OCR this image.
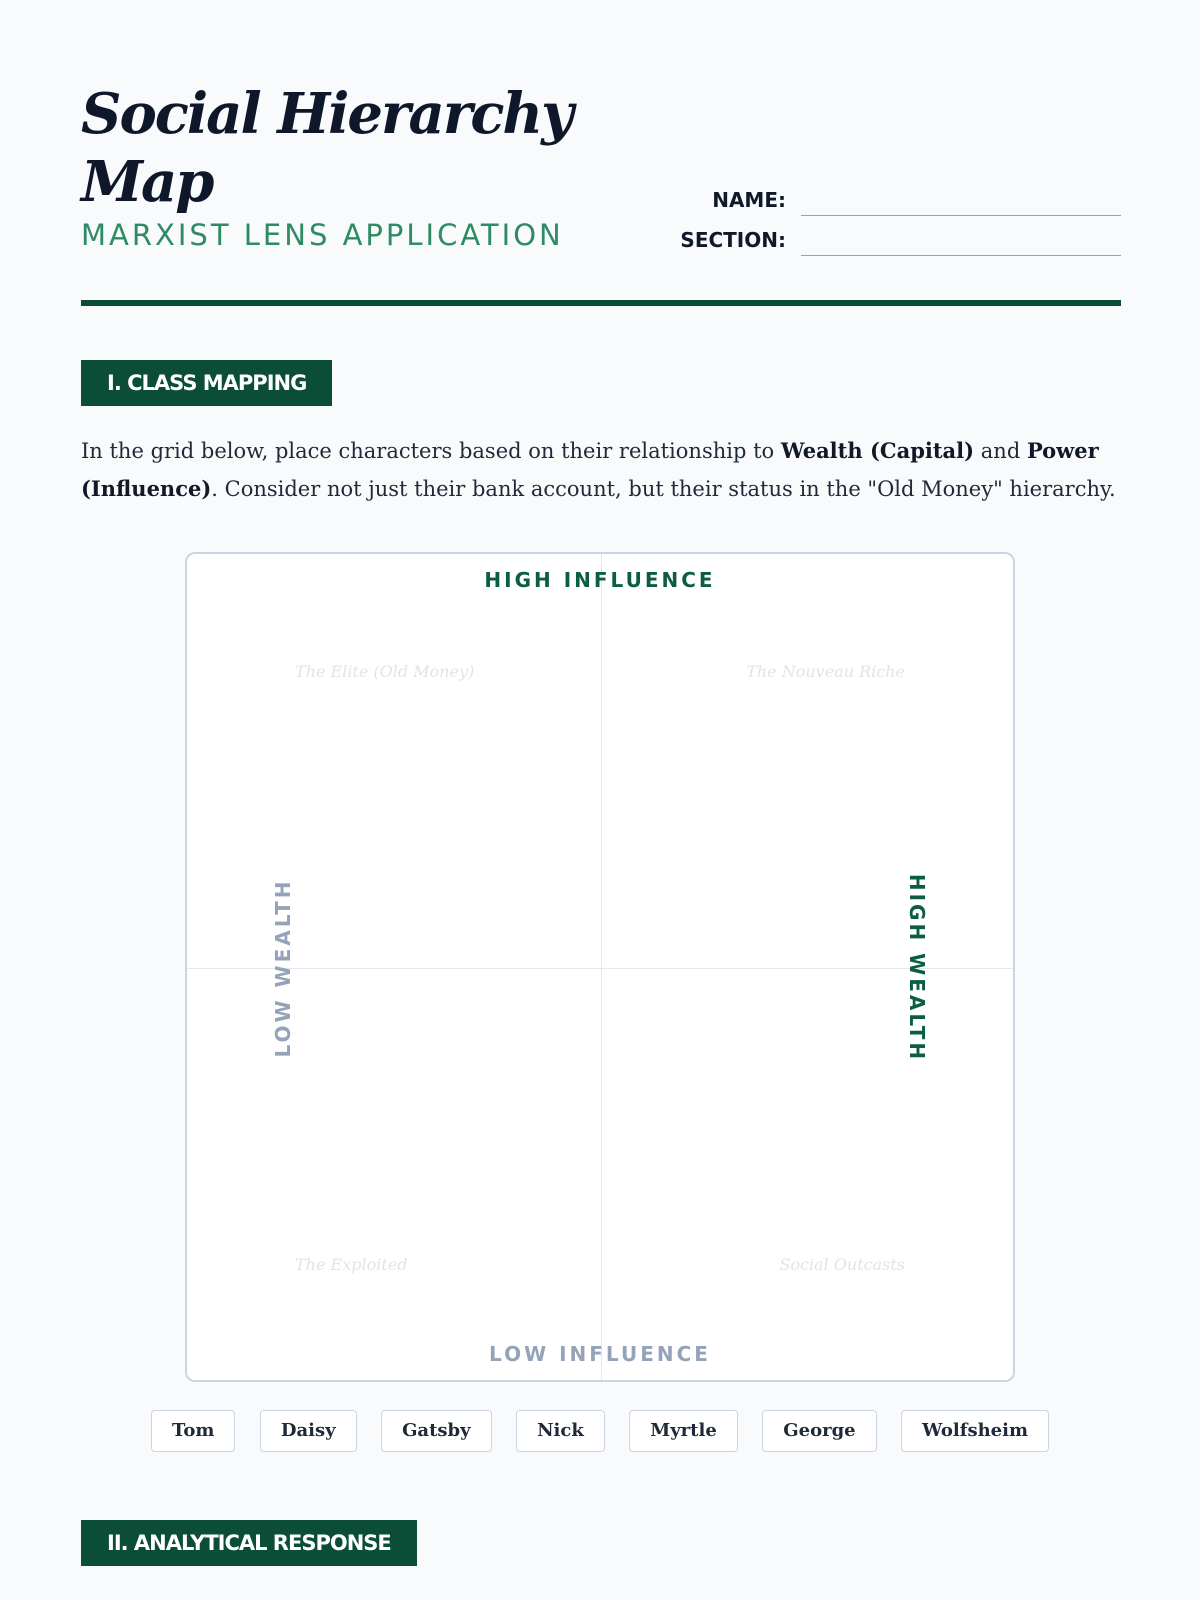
Social Hierarchy Map
MARXIST LENS APPLICATION
NAME:
SECTION:
I. CLASS MAPPING

In the grid below, place characters based on their relationship to Wealth (Capital) and Power (Influence). Consider not just their bank account, but their status in the "Old Money" hierarchy.

HIGH INFLUENCE
LOW INFLUENCE
LOW WEALTH	HIGH WEALTH
The Elite (Old Money)	The Nouveau Riche
The Exploited	Social Outcasts
Tom	Daisy	Gatsby	Nick	Myrtle	George	Wolfsheim
II. ANALYTICAL RESPONSE
